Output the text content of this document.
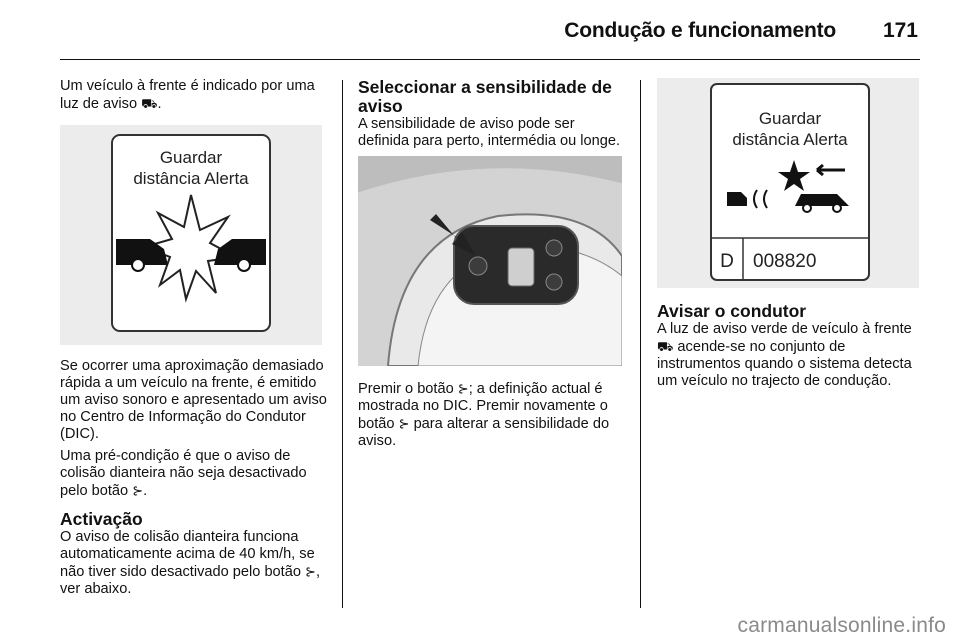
Condução e funcionamento 171

Um veículo à frente é indicado por uma luz de aviso ⛟.

Guardar
distância Alerta

Se ocorrer uma aproximação demasiado rápida a um veículo na frente, é emitido um aviso sonoro e apresentado um aviso no Centro de Informação do Condutor (DIC).

Uma pré-condição é que o aviso de colisão dianteira não seja desactivado pelo botão ⊱.

Activação

O aviso de colisão dianteira funciona automaticamente acima de 40 km/h, se não tiver sido desactivado pelo botão ⊱, ver abaixo.

Seleccionar a sensibilidade de aviso

A sensibilidade de aviso pode ser definida para perto, intermédia ou longe.

Premir o botão ⊱; a definição actual é mostrada no DIC. Premir novamente o botão ⊱ para alterar a sensibilidade do aviso.

Guardar
distância Alerta
D 008820
Avisar o condutor

A luz de aviso verde de veículo à frente ⛟ acende-se no conjunto de instrumentos quando o sistema detecta um veículo no trajecto de condução.

carmanualsonline.info
